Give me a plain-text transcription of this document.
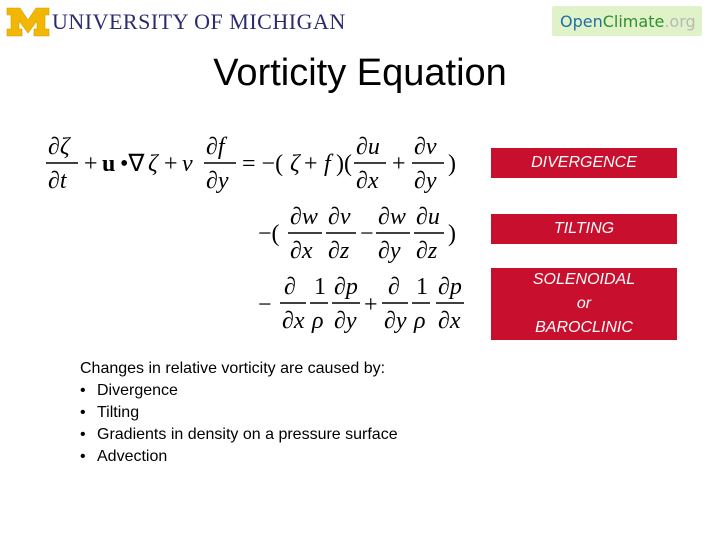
UNIVERSITY OF MICHIGAN	Open Climate .org
Vorticity Equation
∂ζ
∂t
+ u •∇ ζ + v
∂f
∂y
= −( ζ + f )(
∂u
∂x
+
∂v
∂y
)
−(
∂w
∂x
∂v
∂z
−
∂w
∂y
∂u
∂z
)
−
∂
∂x
1
ρ
∂p
∂y
+
∂
∂y
1
ρ
∂p
∂x
DIVERGENCE
TILTING
SOLENOIDAL
or
BAROCLINIC
Changes in relative vorticity are caused by:
• Divergence
• Tilting
• Gradients in density on a pressure surface
• Advection
